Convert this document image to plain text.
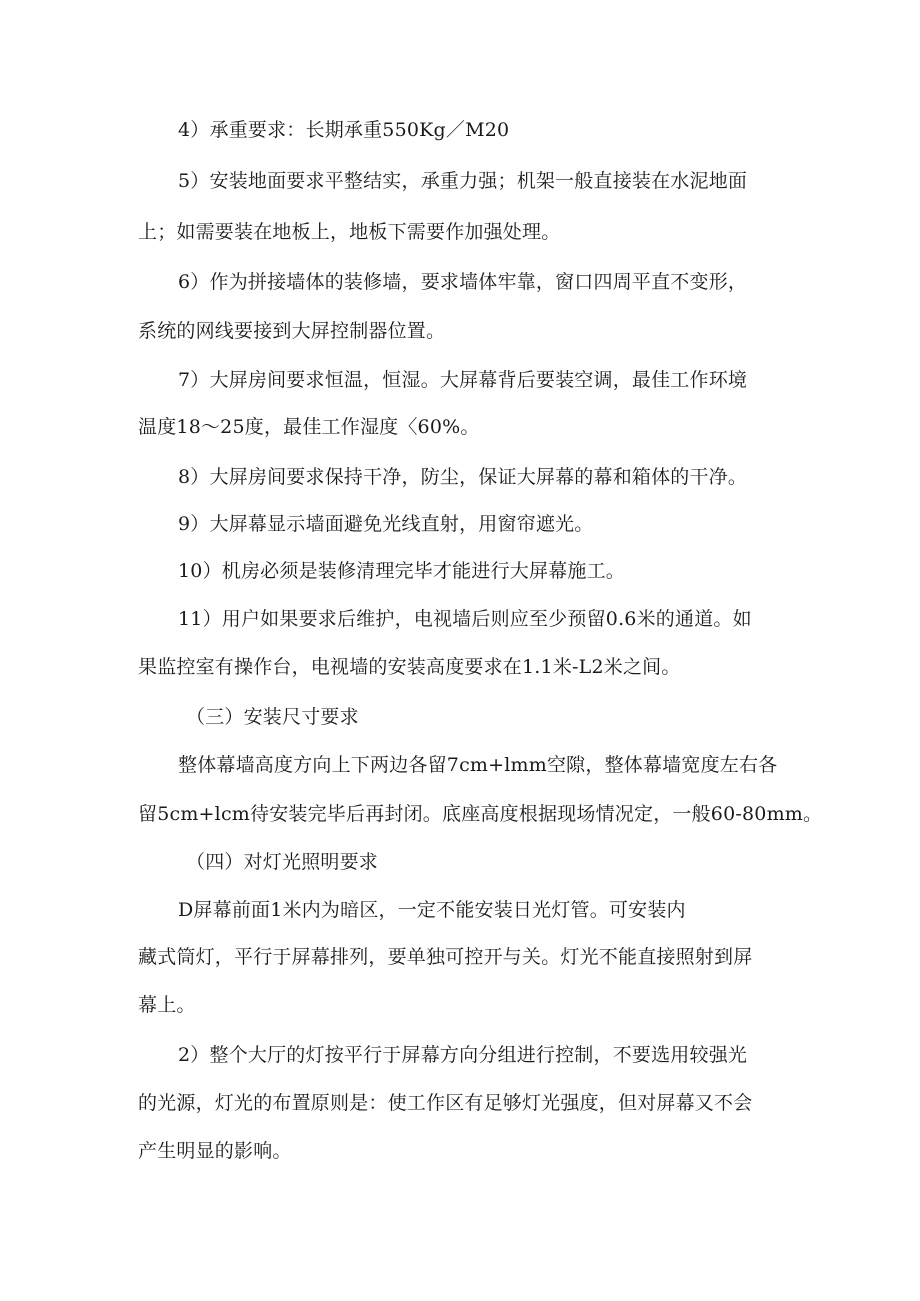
4）承重要求：长期承重550Kg／M20
5）安装地面要求平整结实，承重力强；机架一般直接装在水泥地面
上；如需要装在地板上，地板下需要作加强处理。
6）作为拼接墙体的装修墙，要求墙体牢靠，窗口四周平直不变形，
系统的网线要接到大屏控制器位置。
7）大屏房间要求恒温，恒湿。大屏幕背后要装空调，最佳工作环境
温度18～25度，最佳工作湿度〈60%。
8）大屏房间要求保持干净，防尘，保证大屏幕的幕和箱体的干净。
9）大屏幕显示墙面避免光线直射，用窗帘遮光。
10）机房必须是装修清理完毕才能进行大屏幕施工。
11）用户如果要求后维护，电视墙后则应至少预留0.6米的通道。如
果监控室有操作台，电视墙的安装高度要求在1.1米-L2米之间。
（三）安装尺寸要求
整体幕墙高度方向上下两边各留7cm+lmm空隙，整体幕墙宽度左右各
留5cm+lcm待安装完毕后再封闭。底座高度根据现场情况定，一般60-80mm。
（四）对灯光照明要求
D屏幕前面1米内为暗区，一定不能安装日光灯管。可安装内
藏式筒灯，平行于屏幕排列，要单独可控开与关。灯光不能直接照射到屏
幕上。
2）整个大厅的灯按平行于屏幕方向分组进行控制，不要选用较强光
的光源，灯光的布置原则是：使工作区有足够灯光强度，但对屏幕又不会
产生明显的影响。
